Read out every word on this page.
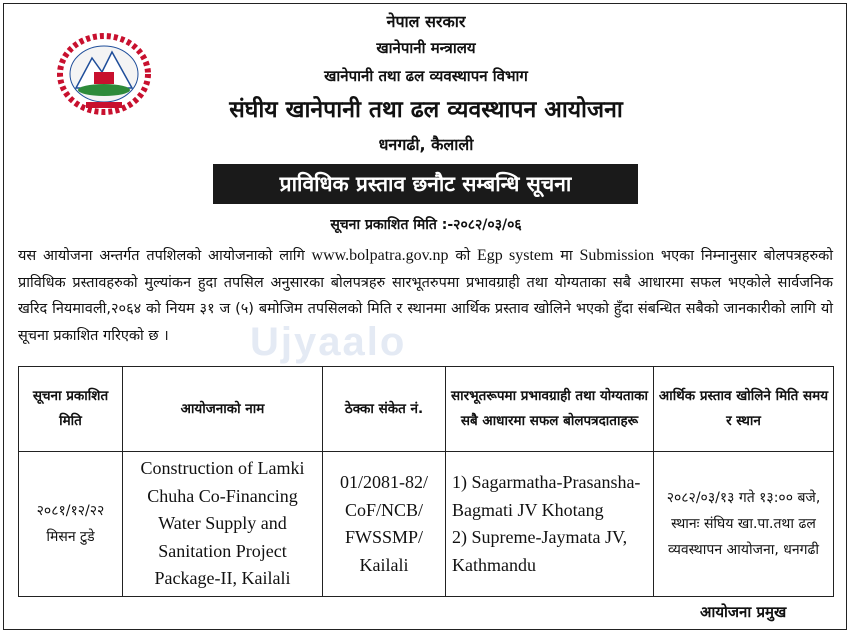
नेपाल सरकार
खानेपानी मन्त्रालय
खानेपानी तथा ढल व्यवस्थापन विभाग
संघीय खानेपानी तथा ढल व्यवस्थापन आयोजना
धनगढी, कैलाली
प्राविधिक प्रस्ताव छनौट सम्बन्धि सूचना
सूचना प्रकाशित मिति :-२०८२/०३/०६
Ujyaalo
यस आयोजना अन्तर्गत तपशिलको आयोजनाको लागि www.bolpatra.gov.np को Egp system मा Submission भएका निम्नानुसार बोलपत्रहरुको प्राविधिक प्रस्तावहरुको मुल्यांकन हुदा तपसिल अनुसारका बोलपत्रहरु सारभूतरुपमा प्रभावग्राही तथा योग्यताका सबै आधारमा सफल भएकोले सार्वजनिक खरिद नियमावली,२०६४ को नियम ३१ ज (५) बमोजिम तपसिलको मिति र स्थानमा आर्थिक प्रस्ताव खोलिने भएको हुँदा संबन्धित सबैको जानकारीको लागि यो सूचना प्रकाशित गरिएको छ ।
सूचना प्रकाशित मिति	आयोजनाको नाम	ठेक्का संकेत नं.	सारभूतरूपमा प्रभावग्राही तथा योग्यताका सबै आधारमा सफल बोलपत्रदाताहरू	आर्थिक प्रस्ताव खोलिने मिति समय र स्थान
२०८१/१२/२२ मिसन टुडे	Construction of Lamki Chuha Co-Financing Water Supply and Sanitation Project Package-II, Kailali	01/2081-82/ CoF/NCB/ FWSSMP/ Kailali	1) Sagarmatha-Prasansha-Bagmati JV Khotang
2) Supreme-Jaymata JV, Kathmandu	२०८२/०३/१३ गते १३:०० बजे, स्थानः संघिय खा.पा.तथा ढल व्यवस्थापन आयोजना, धनगढी
आयोजना प्रमुख
